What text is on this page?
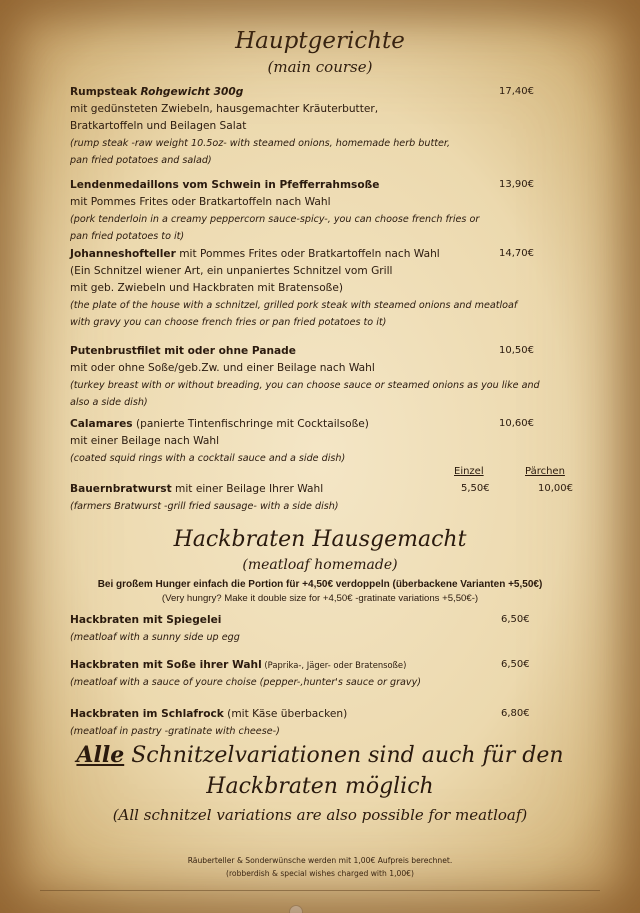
Hauptgerichte
(main course)
Rumpsteak Rohgewicht 300g
mit gedünsteten Zwiebeln, hausgemachter Kräuterbutter,
Bratkartoffeln und Beilagen Salat
(rump steak -raw weight 10.5oz- with steamed onions, homemade herb butter,
pan fried potatoes and salad)
17,40€
Lendenmedaillons vom Schwein in Pfefferrahmsoße
mit Pommes Frites oder Bratkartoffeln nach Wahl
(pork tenderloin in a creamy peppercorn sauce-spicy-, you can choose french fries or
pan fried potatoes to it)
13,90€
Johanneshofteller mit Pommes Frites oder Bratkartoffeln nach Wahl
(Ein Schnitzel wiener Art, ein unpaniertes Schnitzel vom Grill
mit geb. Zwiebeln und Hackbraten mit Bratensoße)
(the plate of the house with a schnitzel, grilled pork steak with steamed onions and meatloaf
with gravy you can choose french fries or pan fried potatoes to it)
14,70€
Putenbrustfilet mit oder ohne Panade
mit oder ohne Soße/geb.Zw. und einer Beilage nach Wahl
(turkey breast with or without breading, you can choose sauce or steamed onions as you like and
also a side dish)
10,50€
Calamares (panierte Tintenfischringe mit Cocktailsoße)
mit einer Beilage nach Wahl
(coated squid rings with a cocktail sauce and a side dish)
10,60€
Einzel	Pärchen
Bauernbratwurst mit einer Beilage Ihrer Wahl
(farmers Bratwurst -grill fried sausage- with a side dish)
5,50€	10,00€
Hackbraten Hausgemacht
(meatloaf homemade)
Bei großem Hunger einfach die Portion für +4,50€ verdoppeln (überbackene Varianten +5,50€)
(Very hungry? Make it double size for +4,50€ -gratinate variations +5,50€-)
Hackbraten mit Spiegelei
(meatloaf with a sunny side up egg
6,50€
Hackbraten mit Soße ihrer Wahl (Paprika-, Jäger- oder Bratensoße)
(meatloaf with a sauce of youre choise (pepper-,hunter's sauce or gravy)
6,50€
Hackbraten im Schlafrock (mit Käse überbacken)
(meatloaf in pastry -gratinate with cheese-)
6,80€
Alle Schnitzelvariationen sind auch für den
Hackbraten möglich
(All schnitzel variations are also possible for meatloaf)
Räuberteller & Sonderwünsche werden mit 1,00€ Aufpreis berechnet.
(robberdish & special wishes charged with 1,00€)
